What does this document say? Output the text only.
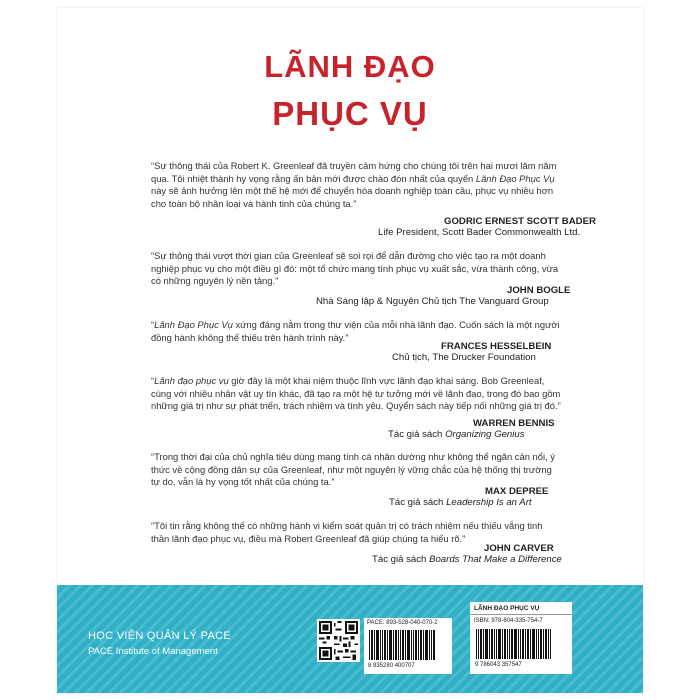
LÃNH ĐẠO
PHỤC VỤ
“Sự thông thái của Robert K. Greenleaf đã truyền cảm hứng cho chúng tôi trên hai mươi lăm năm qua. Tôi nhiệt thành hy vọng rằng ấn bản mới được chào đón nhất của quyển Lãnh Đạo Phục Vụ này sẽ ảnh hưởng lên một thế hệ mới để chuyển hóa doanh nghiệp toàn cầu, phục vụ nhiều hơn cho toàn bộ nhân loại và hành tinh của chúng ta.”
GODRIC ERNEST SCOTT BADER
Life President, Scott Bader Commonwealth Ltd.
“Sự thông thái vượt thời gian của Greenleaf sẽ soi rọi để dẫn đường cho việc tạo ra một doanh nghiệp phục vụ cho một điều gì đó: một tổ chức mang tính phục vụ xuất sắc, vừa thành công, vừa có những nguyên lý nền tảng.”
JOHN BOGLE
Nhà Sáng lập & Nguyên Chủ tịch The Vanguard Group
“Lãnh Đạo Phục Vụ xứng đáng nằm trong thư viện của mỗi nhà lãnh đạo. Cuốn sách là một người đồng hành không thể thiếu trên hành trình này.”
FRANCES HESSELBEIN
Chủ tịch, The Drucker Foundation
“Lãnh đạo phục vụ giờ đây là một khái niệm thuộc lĩnh vực lãnh đạo khai sáng. Bob Greenleaf, cùng với nhiều nhân vật uy tín khác, đã tạo ra một hệ tư tưởng mới về lãnh đạo, trong đó bao gồm những giá trị như sự phát triển, trách nhiệm và tình yêu. Quyển sách này tiếp nối những giá trị đó.”
WARREN BENNIS
Tác giả sách Organizing Genius
“Trong thời đại của chủ nghĩa tiêu dùng mang tính cá nhân dường như không thể ngăn cản nổi, ý thức về cộng đồng dân sự của Greenleaf, như một nguyên lý vững chắc của hệ thống thị trường tự do, vẫn là hy vọng tốt nhất của chúng ta.”
MAX DEPREE
Tác giả sách Leadership Is an Art
“Tôi tin rằng không thể có những hành vi kiểm soát quản trị có trách nhiệm nếu thiếu vắng tinh thần lãnh đạo phục vụ, điều mà Robert Greenleaf đã giúp chúng ta hiểu rõ.”
JOHN CARVER
Tác giả sách Boards That Make a Difference
HỌC VIỆN QUẢN LÝ PACE
PACE Institute of Management
PACE: 893-528-040-070-2
8 935280 400707
LÃNH ĐẠO PHỤC VỤ
ISBN: 978-604-335-754-7
9 786043 357547
